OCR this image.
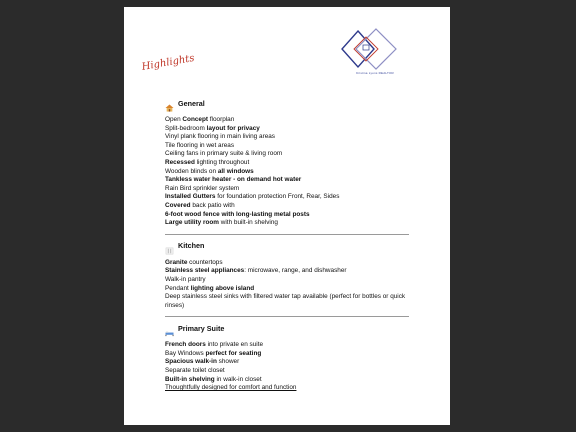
Kristina Lyons REALTOR
Highlights
General
Open Concept floorplan
Split-bedroom layout for privacy
Vinyl plank flooring in main living areas
Tile flooring in wet areas
Ceiling fans in primary suite & living room
Recessed lighting throughout
Wooden blinds on all windows
Tankless water heater - on demand hot water
Rain Bird sprinkler system
Installed Gutters for foundation protection Front, Rear, Sides
Covered back patio with
6-foot wood fence with long-lasting metal posts
Large utility room with built-in shelving
Kitchen
Granite countertops
Stainless steel appliances: microwave, range, and dishwasher
Walk-in pantry
Pendant lighting above island
Deep stainless steel sinks with filtered water tap available (perfect for bottles or quick rinses)
Primary Suite
French doors into private en suite
Bay Windows perfect for seating
Spacious walk-in shower
Separate toilet closet
Built-in shelving in walk-in closet
Thoughtfully designed for comfort and function
